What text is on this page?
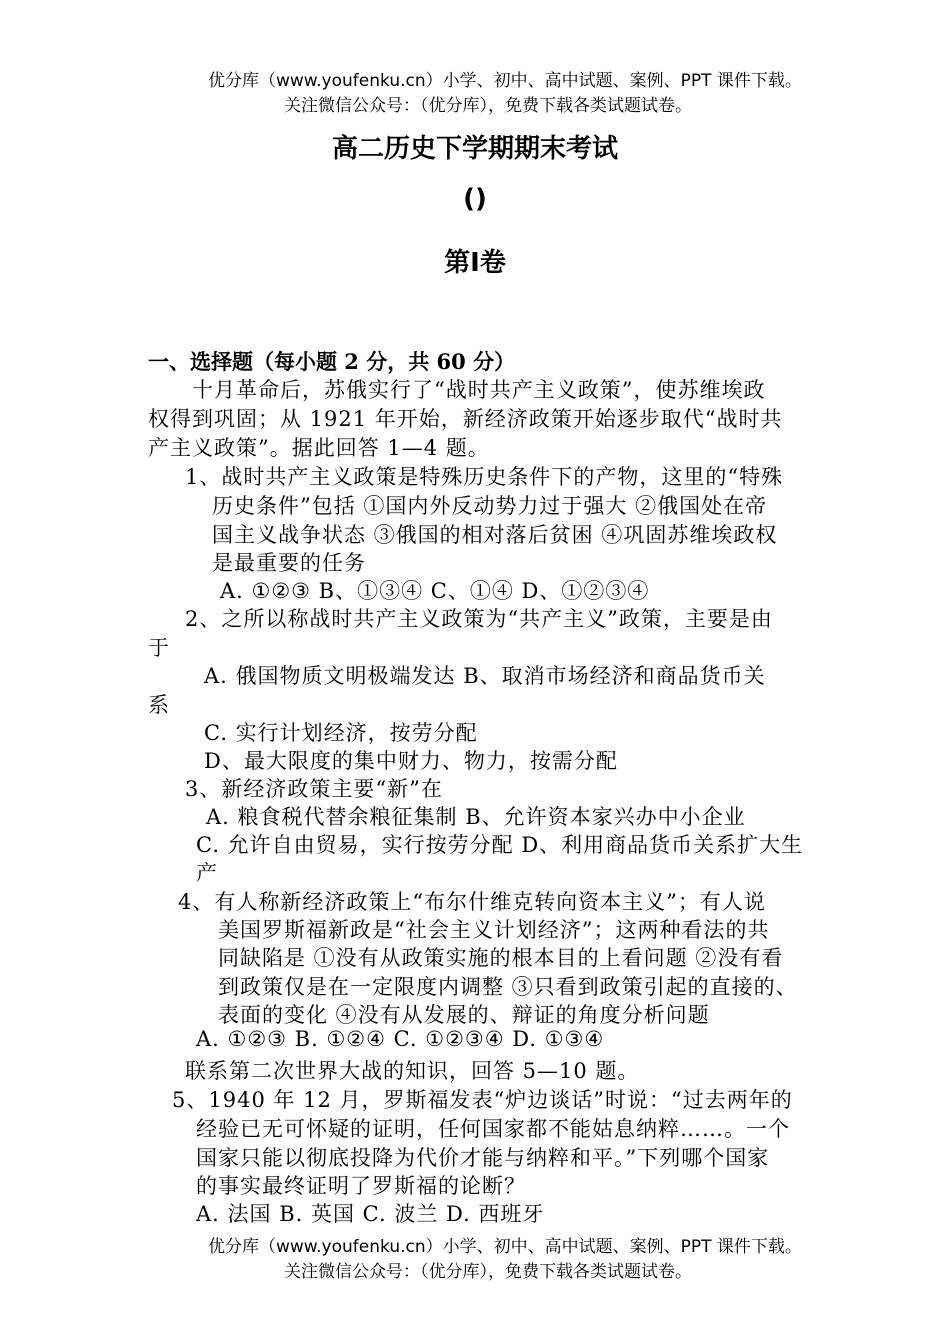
优分库（www.youfenku.cn）小学、初中、高中试题、案例、PPT 课件下载。
关注微信公众号：（优分库），免费下载各类试题试卷。
高二历史下学期期末考试
()
第Ⅰ卷
一、选择题（每小题 2 分，共 60 分）
十月革命后，苏俄实行了“战时共产主义政策”，使苏维埃政
权得到巩固；从 1921 年开始，新经济政策开始逐步取代“战时共
产主义政策”。据此回答 1—4 题。
1、战时共产主义政策是特殊历史条件下的产物，这里的“特殊
历史条件”包括 ①国内外反动势力过于强大 ②俄国处在帝
国主义战争状态 ③俄国的相对落后贫困 ④巩固苏维埃政权
是最重要的任务
A. ①②③ B、①③④ C、①④ D、①②③④
2、之所以称战时共产主义政策为“共产主义”政策，主要是由
于
A. 俄国物质文明极端发达 B、取消市场经济和商品货币关
系
C. 实行计划经济，按劳分配
D、最大限度的集中财力、物力，按需分配
3、新经济政策主要“新”在
A. 粮食税代替余粮征集制 B、允许资本家兴办中小企业
C. 允许自由贸易，实行按劳分配 D、利用商品货币关系扩大生
产
4、有人称新经济政策上“布尔什维克转向资本主义”；有人说
美国罗斯福新政是“社会主义计划经济”；这两种看法的共
同缺陷是 ①没有从政策实施的根本目的上看问题 ②没有看
到政策仅是在一定限度内调整 ③只看到政策引起的直接的、
表面的变化 ④没有从发展的、辩证的角度分析问题
A. ①②③ B. ①②④ C. ①②③④ D. ①③④
联系第二次世界大战的知识，回答 5—10 题。
5、1940 年 12 月，罗斯福发表“炉边谈话”时说：“过去两年的
经验已无可怀疑的证明，任何国家都不能姑息纳粹……。一个
国家只能以彻底投降为代价才能与纳粹和平。”下列哪个国家
的事实最终证明了罗斯福的论断？
A. 法国 B. 英国 C. 波兰 D. 西班牙
优分库（www.youfenku.cn）小学、初中、高中试题、案例、PPT 课件下载。
关注微信公众号：（优分库），免费下载各类试题试卷。
